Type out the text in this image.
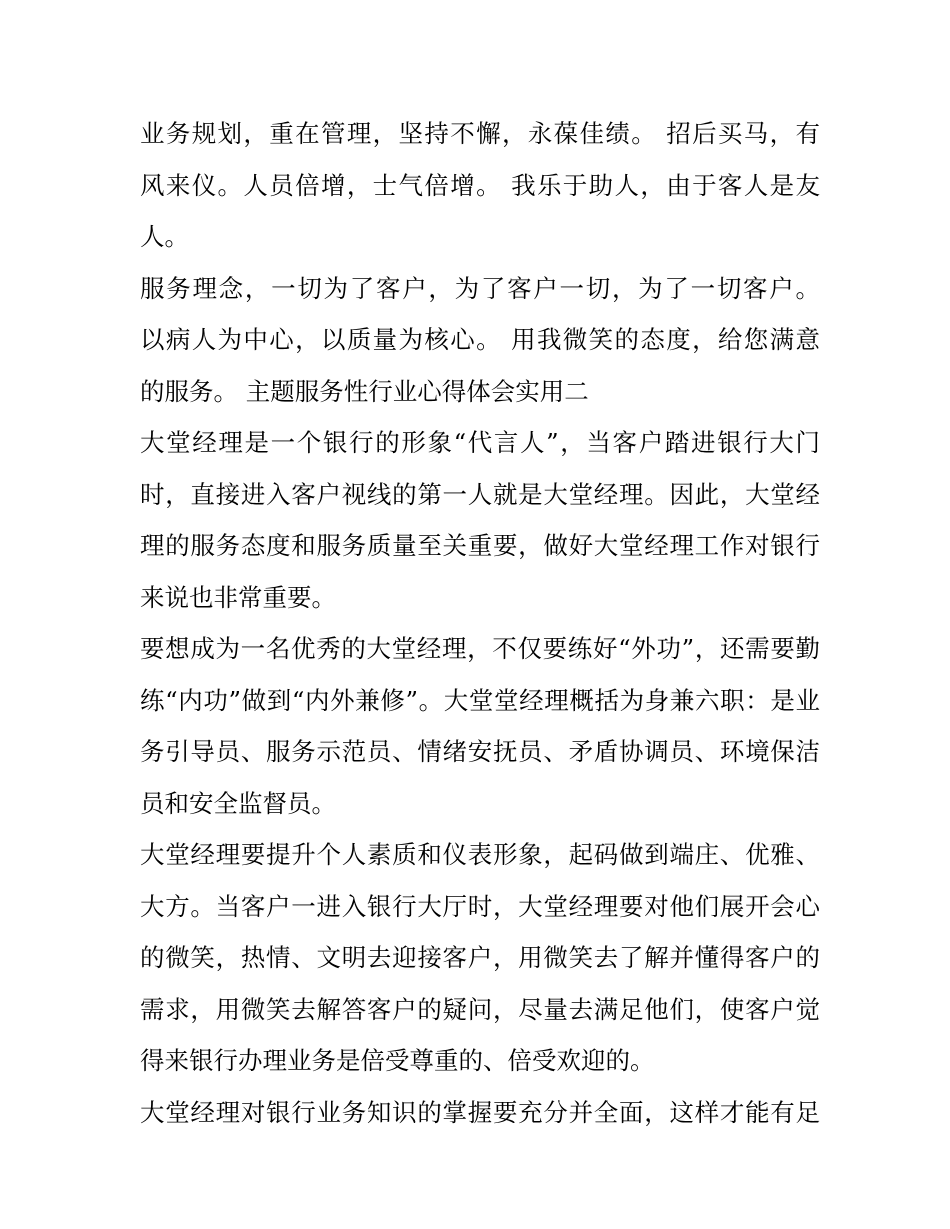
业务规划，重在管理，坚持不懈，永葆佳绩。 招后买马，有
风来仪。人员倍增，士气倍增。 我乐于助人，由于客人是友
人。
服务理念，一切为了客户，为了客户一切，为了一切客户。
以病人为中心，以质量为核心。 用我微笑的态度，给您满意
的服务。 主题服务性行业心得体会实用二
大堂经理是一个银行的形象“代言人”，当客户踏进银行大门
时，直接进入客户视线的第一人就是大堂经理。因此，大堂经
理的服务态度和服务质量至关重要，做好大堂经理工作对银行
来说也非常重要。
要想成为一名优秀的大堂经理，不仅要练好“外功”，还需要勤
练“内功”做到“内外兼修”。大堂堂经理概括为身兼六职：是业
务引导员、服务示范员、情绪安抚员、矛盾协调员、环境保洁
员和安全监督员。
大堂经理要提升个人素质和仪表形象，起码做到端庄、优雅、
大方。当客户一进入银行大厅时，大堂经理要对他们展开会心
的微笑，热情、文明去迎接客户，用微笑去了解并懂得客户的
需求，用微笑去解答客户的疑问，尽量去满足他们，使客户觉
得来银行办理业务是倍受尊重的、倍受欢迎的。
大堂经理对银行业务知识的掌握要充分并全面，这样才能有足
